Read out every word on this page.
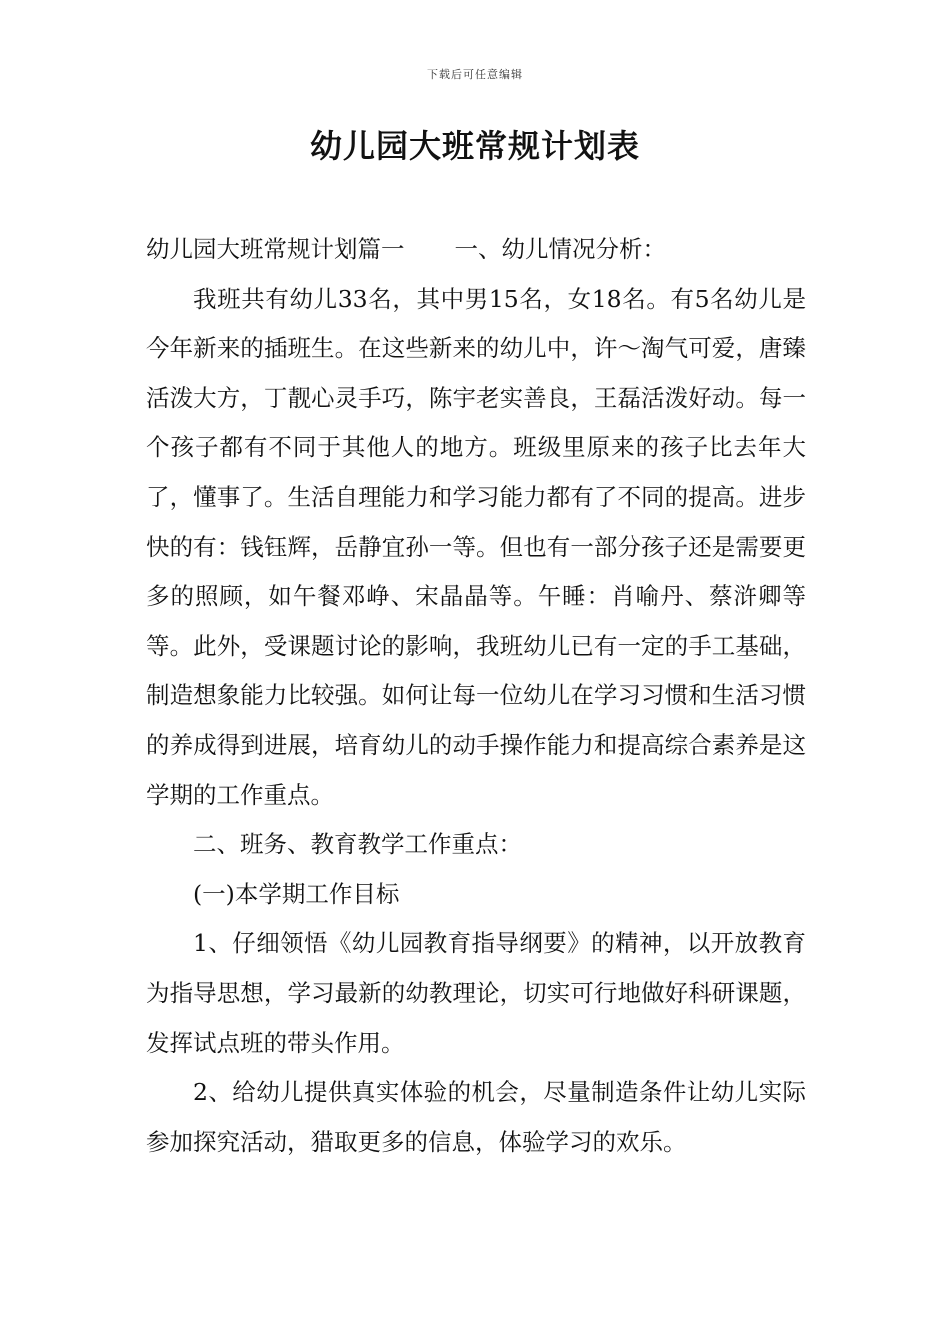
下载后可任意编辑
幼儿园大班常规计划表

幼儿园大班常规计划篇一 一、幼儿情况分析：

我班共有幼儿33名，其中男15名，女18名。有5名幼儿是今年新来的插班生。在这些新来的幼儿中，许～淘气可爱，唐臻活泼大方，丁靓心灵手巧，陈宇老实善良，王磊活泼好动。每一个孩子都有不同于其他人的地方。班级里原来的孩子比去年大了，懂事了。生活自理能力和学习能力都有了不同的提高。进步快的有：钱钰辉，岳静宜孙一等。但也有一部分孩子还是需要更多的照顾，如午餐邓峥、宋晶晶等。午睡：肖喻丹、蔡浒卿等等。此外，受课题讨论的影响，我班幼儿已有一定的手工基础，制造想象能力比较强。如何让每一位幼儿在学习习惯和生活习惯的养成得到进展，培育幼儿的动手操作能力和提高综合素养是这学期的工作重点。

二、班务、教育教学工作重点：

(一)本学期工作目标

1、仔细领悟《幼儿园教育指导纲要》的精神，以开放教育为指导思想，学习最新的幼教理论，切实可行地做好科研课题，发挥试点班的带头作用。

2、给幼儿提供真实体验的机会，尽量制造条件让幼儿实际参加探究活动，猎取更多的信息，体验学习的欢乐。
